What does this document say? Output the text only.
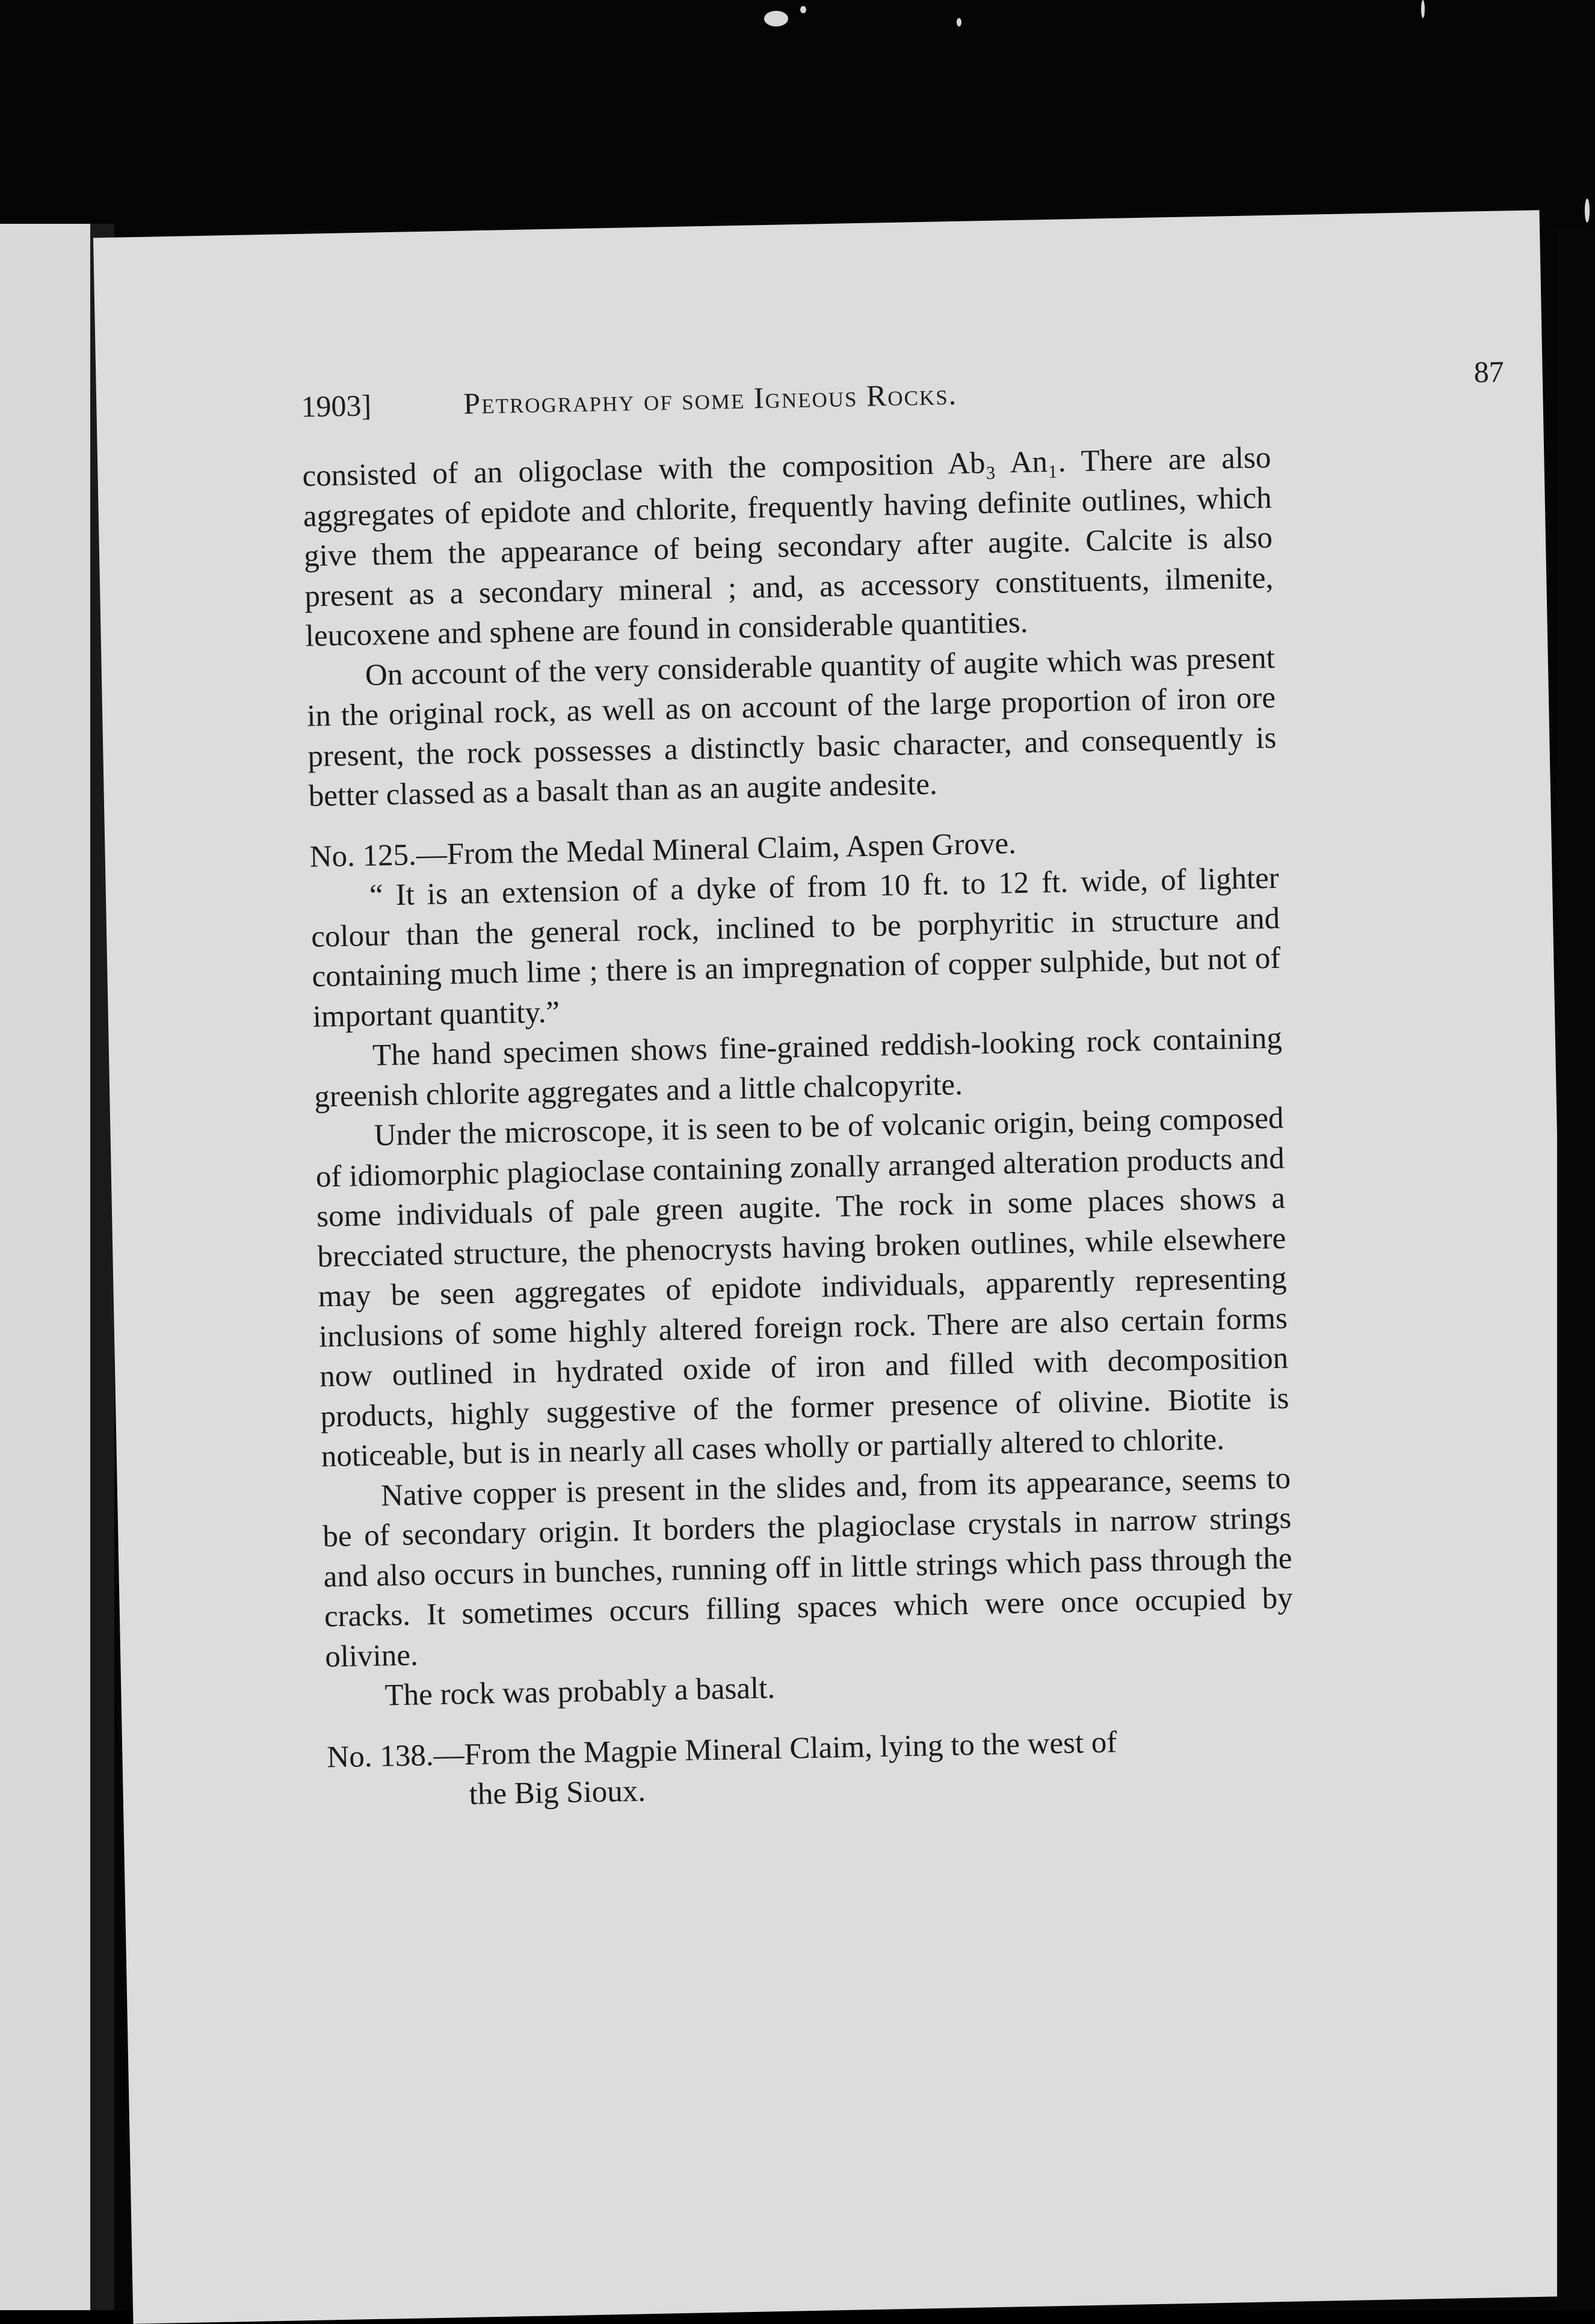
1903]	Petrography of some Igneous Rocks.
87

consisted of an oligoclase with the composition Ab₃ An₁. There are also aggregates of epidote and chlorite, frequently having definite outlines, which give them the appearance of being secondary after augite. Calcite is also present as a secondary mineral ; and, as accessory constituents, ilmenite, leucoxene and sphene are found in considerable quantities.

On account of the very considerable quantity of augite which was present in the original rock, as well as on account of the large proportion of iron ore present, the rock possesses a distinctly basic character, and consequently is better classed as a basalt than as an augite andesite.

No. 125.—From the Medal Mineral Claim, Aspen Grove.

“ It is an extension of a dyke of from 10 ft. to 12 ft. wide, of lighter colour than the general rock, inclined to be porphyritic in structure and containing much lime ; there is an impregnation of copper sulphide, but not of important quantity.”

The hand specimen shows fine-grained reddish-looking rock containing greenish chlorite aggregates and a little chalcopyrite.

Under the microscope, it is seen to be of volcanic origin, being composed of idiomorphic plagioclase containing zonally arranged alteration products and some individuals of pale green augite. The rock in some places shows a brecciated structure, the phenocrysts having broken outlines, while elsewhere may be seen aggregates of epidote individuals, apparently representing inclusions of some highly altered foreign rock. There are also certain forms now outlined in hydrated oxide of iron and filled with decomposition products, highly suggestive of the former presence of olivine. Biotite is noticeable, but is in nearly all cases wholly or partially altered to chlorite.

Native copper is present in the slides and, from its appearance, seems to be of secondary origin. It borders the plagioclase crystals in narrow strings and also occurs in bunches, running off in little strings which pass through the cracks. It sometimes occurs filling spaces which were once occupied by olivine.

The rock was probably a basalt.

No. 138.—From the Magpie Mineral Claim, lying to the west of

the Big Sioux.
